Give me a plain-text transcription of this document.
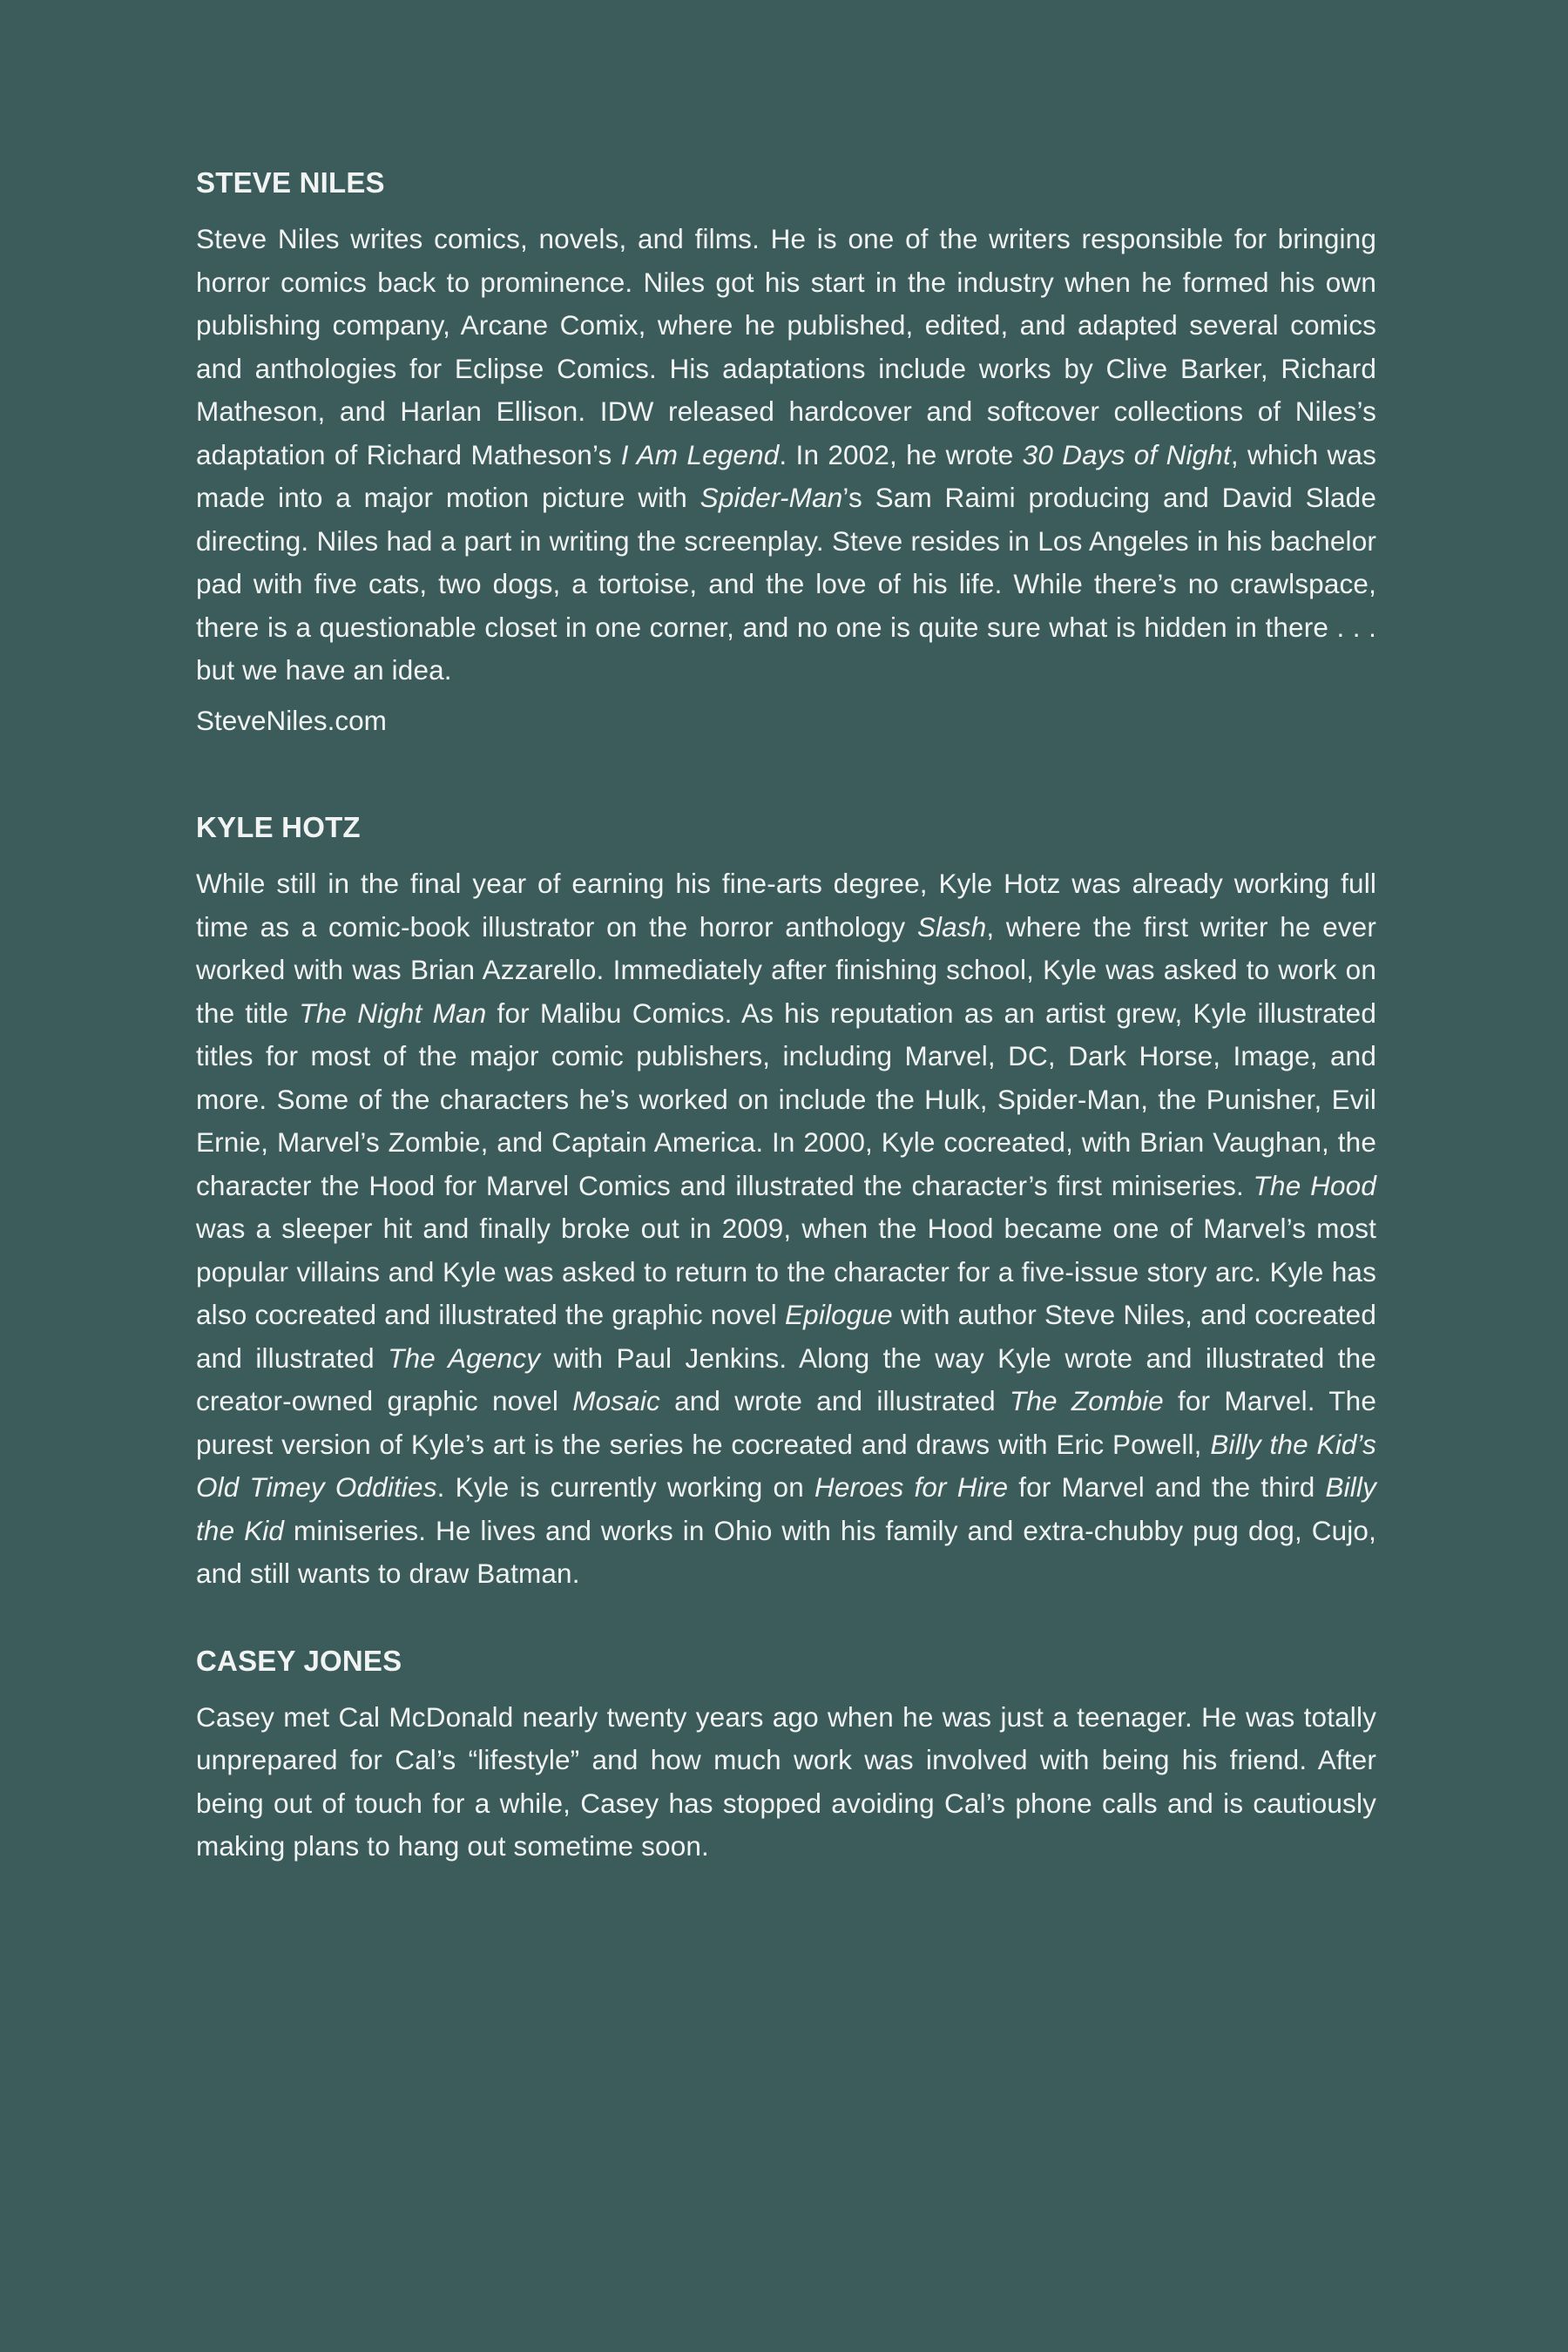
STEVE NILES

Steve Niles writes comics, novels, and films. He is one of the writers responsible for bringing horror comics back to prominence. Niles got his start in the industry when he formed his own publishing company, Arcane Comix, where he published, edited, and adapted several comics and anthologies for Eclipse Comics. His adaptations include works by Clive Barker, Richard Matheson, and Harlan Ellison. IDW released hardcover and softcover collections of Niles’s adaptation of Richard Matheson’s I Am Legend. In 2002, he wrote 30 Days of Night, which was made into a major motion picture with Spider-Man’s Sam Raimi producing and David Slade directing. Niles had a part in writing the screenplay. Steve resides in Los Angeles in his bachelor pad with five cats, two dogs, a tortoise, and the love of his life. While there’s no crawlspace, there is a questionable closet in one corner, and no one is quite sure what is hidden in there . . . but we have an idea.

SteveNiles.com

KYLE HOTZ

While still in the final year of earning his fine-arts degree, Kyle Hotz was already working full time as a comic-book illustrator on the horror anthology Slash, where the first writer he ever worked with was Brian Azzarello. Immediately after finishing school, Kyle was asked to work on the title The Night Man for Malibu Comics. As his reputation as an artist grew, Kyle illustrated titles for most of the major comic publishers, including Marvel, DC, Dark Horse, Image, and more. Some of the characters he’s worked on include the Hulk, Spider-Man, the Punisher, Evil Ernie, Marvel’s Zombie, and Captain America. In 2000, Kyle cocreated, with Brian Vaughan, the character the Hood for Marvel Comics and illustrated the character’s first miniseries. The Hood was a sleeper hit and finally broke out in 2009, when the Hood became one of Marvel’s most popular villains and Kyle was asked to return to the character for a five-issue story arc. Kyle has also cocreated and illustrated the graphic novel Epilogue with author Steve Niles, and cocreated and illustrated The Agency with Paul Jenkins. Along the way Kyle wrote and illustrated the creator-owned graphic novel Mosaic and wrote and illustrated The Zombie for Marvel. The purest version of Kyle’s art is the series he cocreated and draws with Eric Powell, Billy the Kid’s Old Timey Oddities. Kyle is currently working on Heroes for Hire for Marvel and the third Billy the Kid miniseries. He lives and works in Ohio with his family and extra-chubby pug dog, Cujo, and still wants to draw Batman.

CASEY JONES

Casey met Cal McDonald nearly twenty years ago when he was just a teenager. He was totally unprepared for Cal’s “lifestyle” and how much work was involved with being his friend. After being out of touch for a while, Casey has stopped avoiding Cal’s phone calls and is cautiously making plans to hang out sometime soon.
